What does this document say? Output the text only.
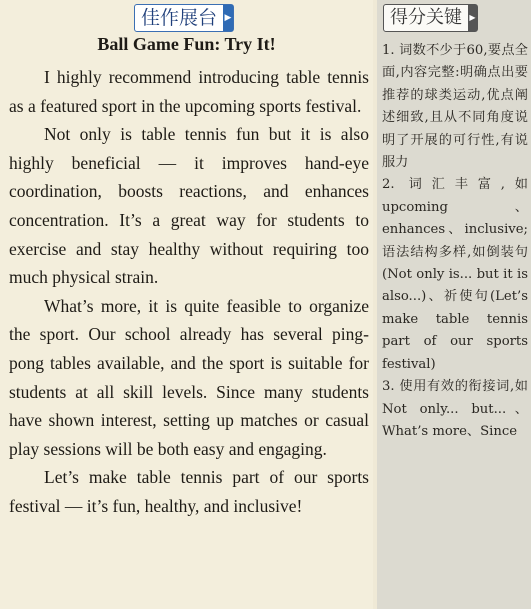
佳作展台 ▶
Ball Game Fun: Try It!

I highly recommend introducing table tennis as a featured sport in the upcoming sports festival.

Not only is table tennis fun but it is also highly beneficial — it improves hand-eye coordination, boosts reactions, and enhances concentration. It’s a great way for students to exercise and stay healthy without requiring too much physical strain.

What’s more, it is quite feasible to organize the sport. Our school already has several ping-pong tables available, and the sport is suitable for students at all skill levels. Since many students have shown interest, setting up matches or casual play sessions will be both easy and engaging.

Let’s make table tennis part of our sports festival — it’s fun, healthy, and inclusive!

得分关键 ▶

1. 词数不少于60,要点全面,内容完整:明确点出要推荐的球类运动,优点阐述细致,且从不同角度说明了开展的可行性,有说服力

2. 词汇丰富,如upcoming、enhances、inclusive;语法结构多样,如倒装句(Not only is... but it is also...)、祈使句(Let’s make table tennis part of our sports festival)

3. 使用有效的衔接词,如Not only... but...、What’s more、Since
